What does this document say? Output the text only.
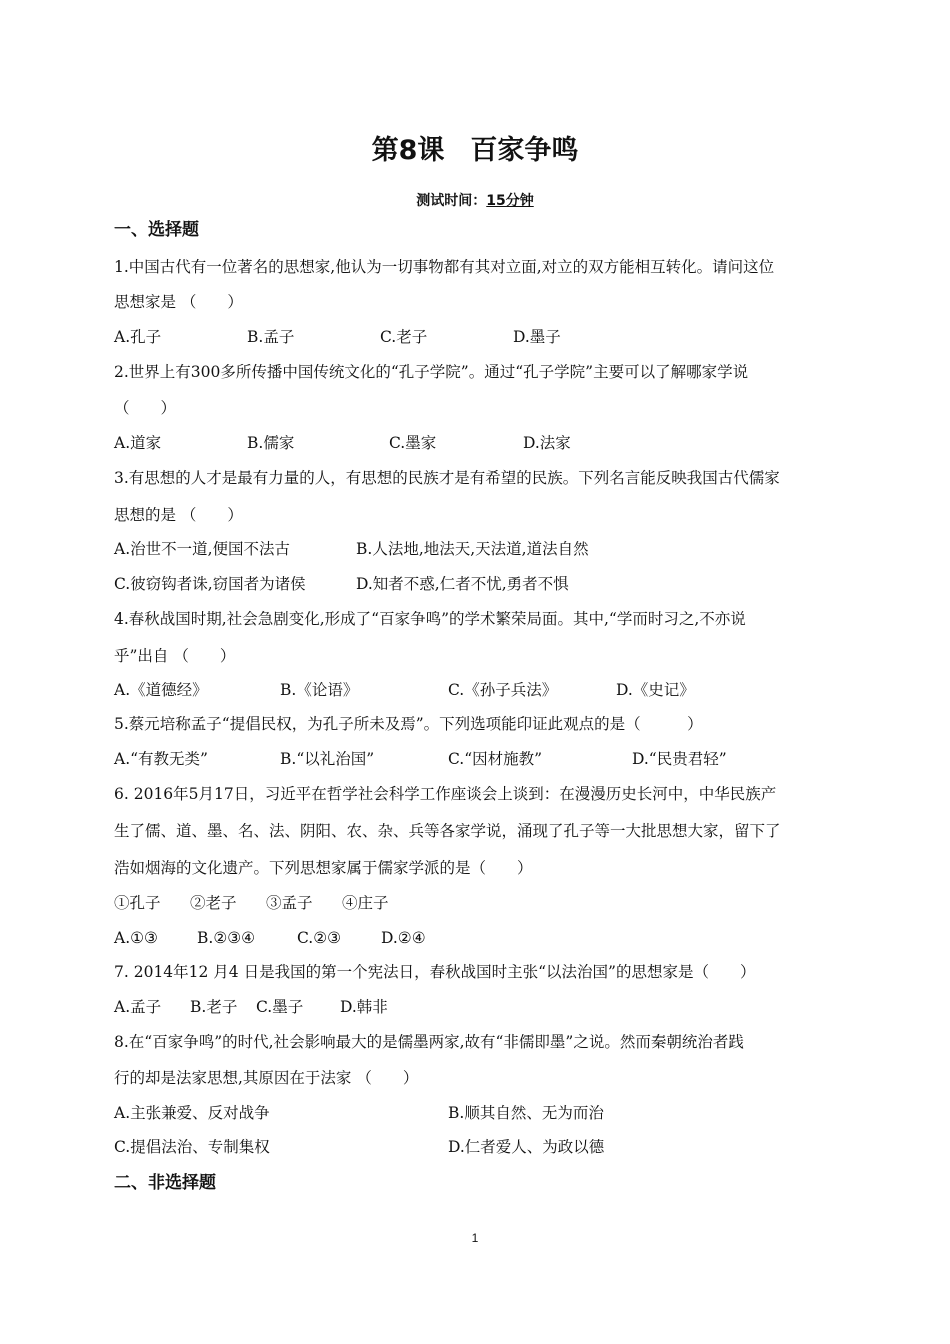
第8课 百家争鸣
测试时间：15分钟
一、选择题
1.中国古代有一位著名的思想家,他认为一切事物都有其对立面,对立的双方能相互转化。请问这位
思想家是 （　　）
A.孔子	B.孟子	C.老子	D.墨子
2.世界上有300多所传播中国传统文化的“孔子学院”。通过“孔子学院”主要可以了解哪家学说
（　　）
A.道家	B.儒家	C.墨家	D.法家
3.有思想的人才是最有力量的人，有思想的民族才是有希望的民族。下列名言能反映我国古代儒家
思想的是 （　　）
A.治世不一道,便国不法古	B.人法地,地法天,天法道,道法自然
C.彼窃钩者诛,窃国者为诸侯	D.知者不惑,仁者不忧,勇者不惧
4.春秋战国时期,社会急剧变化,形成了“百家争鸣”的学术繁荣局面。其中,“学而时习之,不亦说
乎”出自 （　　）
A.《道德经》	B.《论语》	C.《孙子兵法》	D.《史记》
5.蔡元培称孟子“提倡民权，为孔子所未及焉”。下列选项能印证此观点的是（　　　）
A.“有教无类”	B.“以礼治国”	C.“因材施教”	D.“民贵君轻”
6. 2016年5月17日，习近平在哲学社会科学工作座谈会上谈到：在漫漫历史长河中，中华民族产
生了儒、道、墨、名、法、阴阳、农、杂、兵等各家学说，涌现了孔子等一大批思想大家，留下了
浩如烟海的文化遗产。下列思想家属于儒家学派的是（　　）
①孔子 ②老子 ③孟子 ④庄子
A.①③	B.②③④	C.②③	D.②④
7. 2014年12 月4 日是我国的第一个宪法日，春秋战国时主张“以法治国”的思想家是（　　）
A.孟子 B.老子 C.墨子 D.韩非
8.在“百家争鸣”的时代,社会影响最大的是儒墨两家,故有“非儒即墨”之说。然而秦朝统治者践
行的却是法家思想,其原因在于法家 （　　）
A.主张兼爱、反对战争	B.顺其自然、无为而治
C.提倡法治、专制集权	D.仁者爱人、为政以德
二、非选择题
1
